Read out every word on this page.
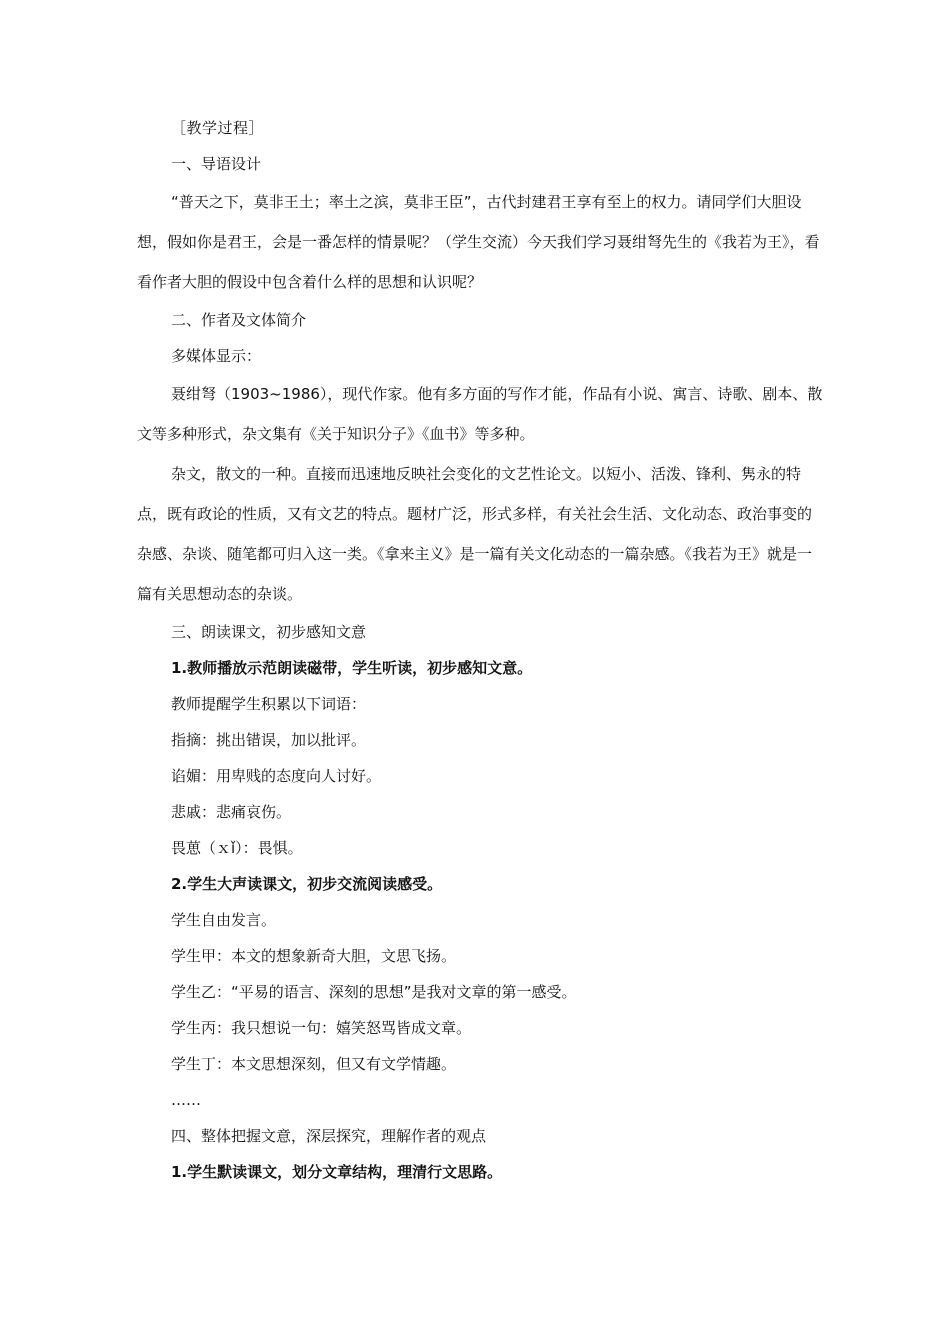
［教学过程］

一、导语设计

“普天之下，莫非王土；率土之滨，莫非王臣”，古代封建君王享有至上的权力。请同学们大胆设想，假如你是君王，会是一番怎样的情景呢？（学生交流）今天我们学习聂绀弩先生的《我若为王》，看看作者大胆的假设中包含着什么样的思想和认识呢？

二、作者及文体简介

多媒体显示：

聂绀弩（1903~1986），现代作家。他有多方面的写作才能，作品有小说、寓言、诗歌、剧本、散文等多种形式，杂文集有《关于知识分子》《血书》等多种。

杂文，散文的一种。直接而迅速地反映社会变化的文艺性论文。以短小、活泼、锋利、隽永的特点，既有政论的性质，又有文艺的特点。题材广泛，形式多样，有关社会生活、文化动态、政治事变的杂感、杂谈、随笔都可归入这一类。《拿来主义》是一篇有关文化动态的一篇杂感。《我若为王》就是一篇有关思想动态的杂谈。

三、朗读课文，初步感知文意

1.教师播放示范朗读磁带，学生听读，初步感知文意。

教师提醒学生积累以下词语：

指摘：挑出错误，加以批评。

谄媚：用卑贱的态度向人讨好。

悲戚：悲痛哀伤。

畏葸（ｘǐ）：畏惧。

2.学生大声读课文，初步交流阅读感受。

学生自由发言。

学生甲：本文的想象新奇大胆，文思飞扬。

学生乙：“平易的语言、深刻的思想”是我对文章的第一感受。

学生丙：我只想说一句：嬉笑怒骂皆成文章。

学生丁：本文思想深刻，但又有文学情趣。

……

四、整体把握文意，深层探究，理解作者的观点

1.学生默读课文，划分文章结构，理清行文思路。
